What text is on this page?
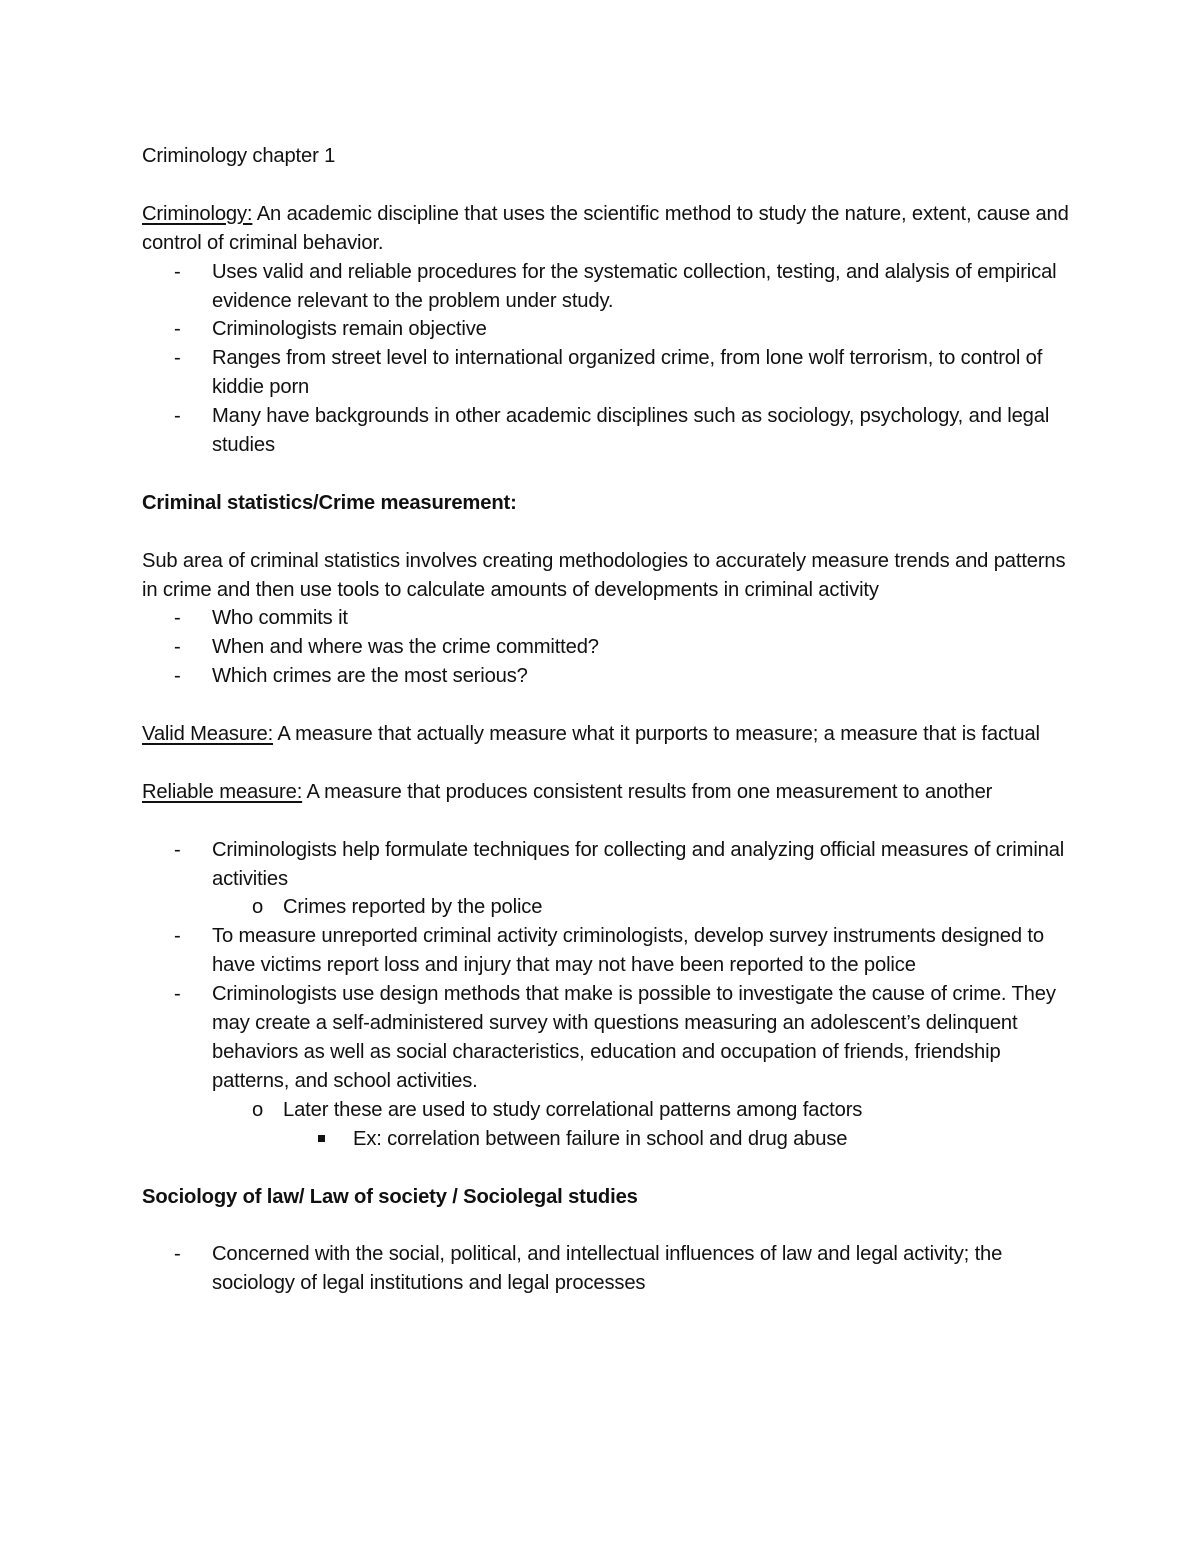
Criminology chapter 1

Criminology: An academic discipline that uses the scientific method to study the nature, extent, cause and control of criminal behavior.

- Uses valid and reliable procedures for the systematic collection, testing, and alalysis of empirical evidence relevant to the problem under study.
- Criminologists remain objective
- Ranges from street level to international organized crime, from lone wolf terrorism, to control of kiddie porn
- Many have backgrounds in other academic disciplines such as sociology, psychology, and legal studies

Criminal statistics/Crime measurement:

Sub area of criminal statistics involves creating methodologies to accurately measure trends and patterns in crime and then use tools to calculate amounts of developments in criminal activity

- Who commits it
- When and where was the crime committed?
- Which crimes are the most serious?

Valid Measure: A measure that actually measure what it purports to measure; a measure that is factual

Reliable measure: A measure that produces consistent results from one measurement to another

- Criminologists help formulate techniques for collecting and analyzing official measures of criminal activities
o Crimes reported by the police
- To measure unreported criminal activity criminologists, develop survey instruments designed to have victims report loss and injury that may not have been reported to the police
- Criminologists use design methods that make is possible to investigate the cause of crime. They may create a self-administered survey with questions measuring an adolescent’s delinquent behaviors as well as social characteristics, education and occupation of friends, friendship patterns, and school activities.
o Later these are used to study correlational patterns among factors
Ex: correlation between failure in school and drug abuse

Sociology of law/ Law of society / Sociolegal studies

- Concerned with the social, political, and intellectual influences of law and legal activity; the sociology of legal institutions and legal processes
